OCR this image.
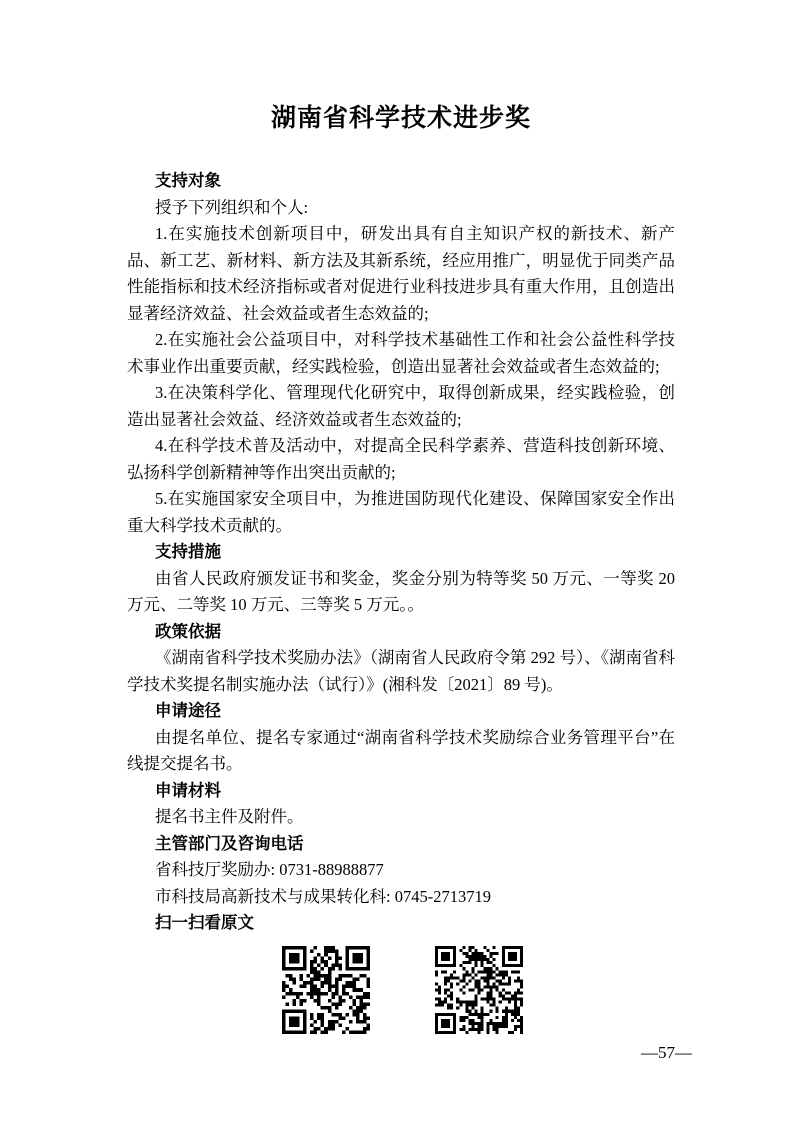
湖南省科学技术进步奖
支持对象

授予下列组织和个人:

1.在实施技术创新项目中，研发出具有自主知识产权的新技术、新产品、新工艺、新材料、新方法及其新系统，经应用推广，明显优于同类产品性能指标和技术经济指标或者对促进行业科技进步具有重大作用，且创造出显著经济效益、社会效益或者生态效益的;

2.在实施社会公益项目中，对科学技术基础性工作和社会公益性科学技术事业作出重要贡献，经实践检验，创造出显著社会效益或者生态效益的;

3.在决策科学化、管理现代化研究中，取得创新成果，经实践检验，创造出显著社会效益、经济效益或者生态效益的;

4.在科学技术普及活动中，对提高全民科学素养、营造科技创新环境、弘扬科学创新精神等作出突出贡献的;

5.在实施国家安全项目中，为推进国防现代化建设、保障国家安全作出重大科学技术贡献的。

支持措施

由省人民政府颁发证书和奖金，奖金分别为特等奖 50 万元、一等奖 20 万元、二等奖 10 万元、三等奖 5 万元。。

政策依据

《湖南省科学技术奖励办法》（湖南省人民政府令第 292 号）、《湖南省科学技术奖提名制实施办法（试行）》(湘科发〔2021〕89 号)。

申请途径

由提名单位、提名专家通过“湖南省科学技术奖励综合业务管理平台”在线提交提名书。

申请材料

提名书主件及附件。

主管部门及咨询电话

省科技厅奖励办: 0731-88988877

市科技局高新技术与成果转化科: 0745-2713719

扫一扫看原文
—57—
